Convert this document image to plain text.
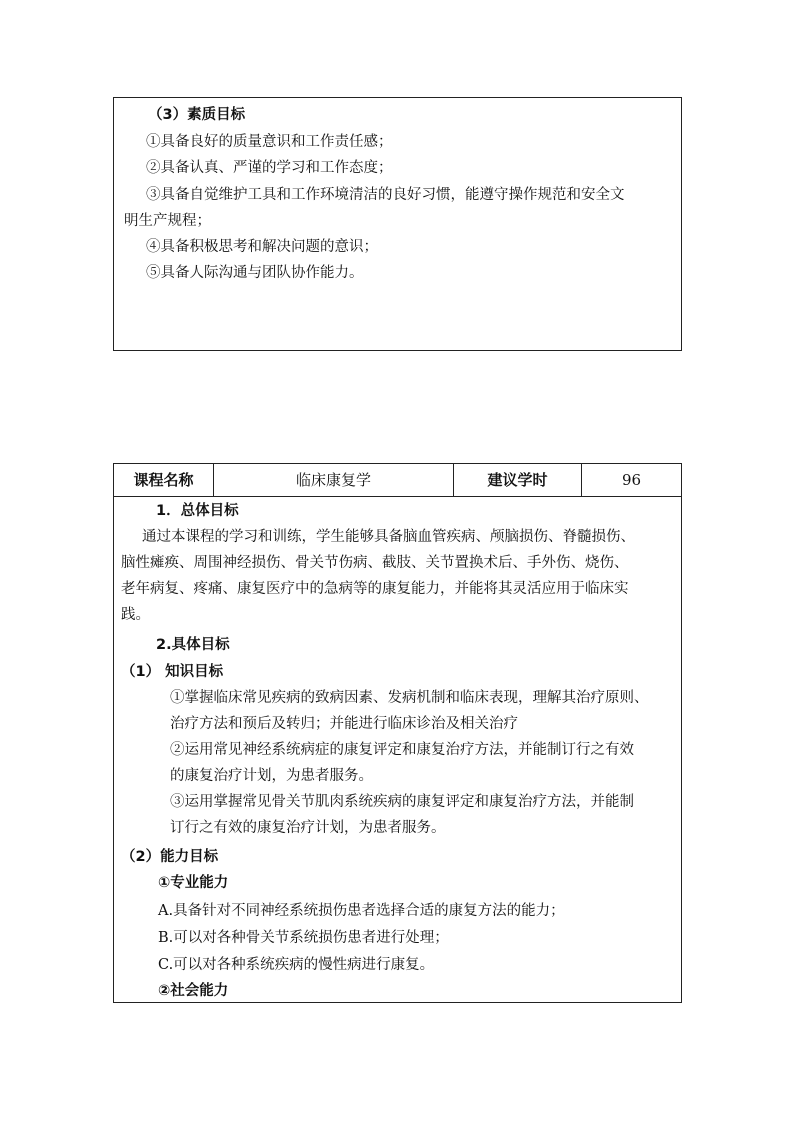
（3）素质目标
①具备良好的质量意识和工作责任感；
②具备认真、严谨的学习和工作态度；
③具备自觉维护工具和工作环境清洁的良好习惯，能遵守操作规范和安全文
明生产规程；
④具备积极思考和解决问题的意识；
⑤具备人际沟通与团队协作能力。
课程名称	临床康复学	建议学时	96
1．总体目标
通过本课程的学习和训练，学生能够具备脑血管疾病、颅脑损伤、脊髓损伤、
脑性瘫痪、周围神经损伤、骨关节伤病、截肢、关节置换术后、手外伤、烧伤、
老年病复、疼痛、康复医疗中的急病等的康复能力，并能将其灵活应用于临床实
践。
2.具体目标
（1） 知识目标
①掌握临床常见疾病的致病因素、发病机制和临床表现，理解其治疗原则、
治疗方法和预后及转归；并能进行临床诊治及相关治疗
②运用常见神经系统病症的康复评定和康复治疗方法，并能制订行之有效
的康复治疗计划，为患者服务。
③运用掌握常见骨关节肌肉系统疾病的康复评定和康复治疗方法，并能制
订行之有效的康复治疗计划，为患者服务。
（2）能力目标
①专业能力
A.具备针对不同神经系统损伤患者选择合适的康复方法的能力；
B.可以对各种骨关节系统损伤患者进行处理；
C.可以对各种系统疾病的慢性病进行康复。
②社会能力
